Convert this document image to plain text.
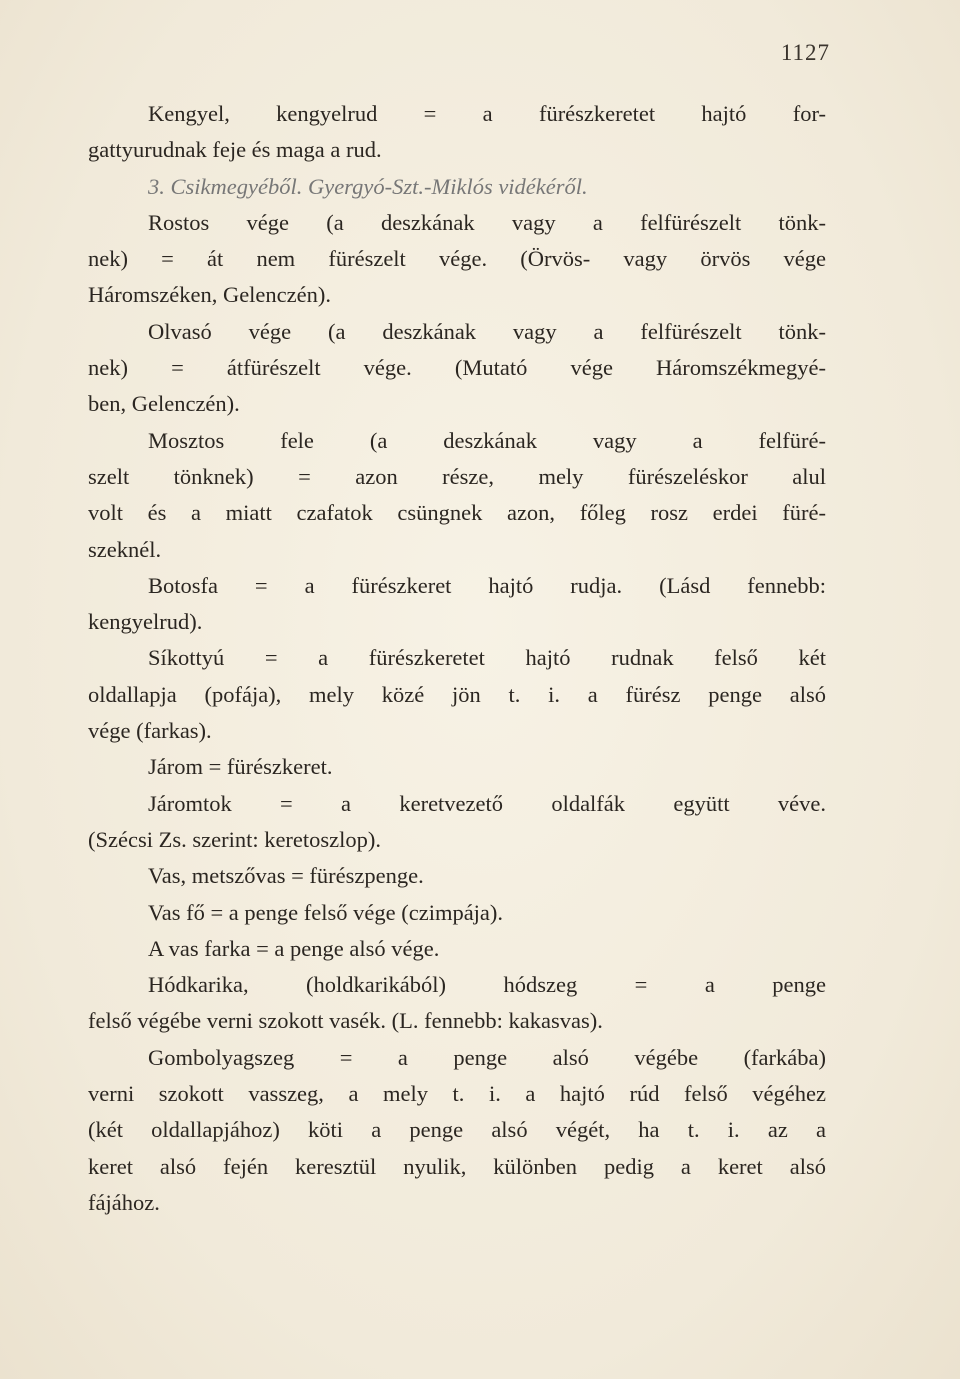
1127
Kengyel, kengyelrud = a fürészkeretet hajtó for-
gattyurudnak feje és maga a rud.
3. Csikmegyéből. Gyergyó-Szt.-Miklós vidékéről.
Rostos vége (a deszkának vagy a felfürészelt tönk-
nek) = át nem fürészelt vége. (Örvös- vagy örvös vége
Háromszéken, Gelenczén).
Olvasó vége (a deszkának vagy a felfürészelt tönk-
nek) = átfürészelt vége. (Mutató vége Háromszékmegyé-
ben, Gelenczén).
Mosztos fele (a deszkának vagy a felfüré-
szelt tönknek) = azon része, mely fürészeléskor alul
volt és a miatt czafatok csüngnek azon, főleg rosz erdei füré-
szeknél.
Botosfa = a fürészkeret hajtó rudja. (Lásd fennebb:
kengyelrud).
Síkottyú = a fürészkeretet hajtó rudnak felső két
oldallapja (pofája), mely közé jön t. i. a fürész penge alsó
vége (farkas).
Járom = fürészkeret.
Járomtok = a keretvezető oldalfák együtt véve.
(Szécsi Zs. szerint: keretoszlop).
Vas, metszővas = fürészpenge.
Vas fő = a penge felső vége (czimpája).
A vas farka = a penge alsó vége.
Hódkarika, (holdkarikából) hódszeg = a penge
felső végébe verni szokott vasék. (L. fennebb: kakasvas).
Gombolyagszeg = a penge alsó végébe (farkába)
verni szokott vasszeg, a mely t. i. a hajtó rúd felső végéhez
(két oldallapjához) köti a penge alsó végét, ha t. i. az a
keret alsó fején keresztül nyulik, különben pedig a keret alsó
fájához.
